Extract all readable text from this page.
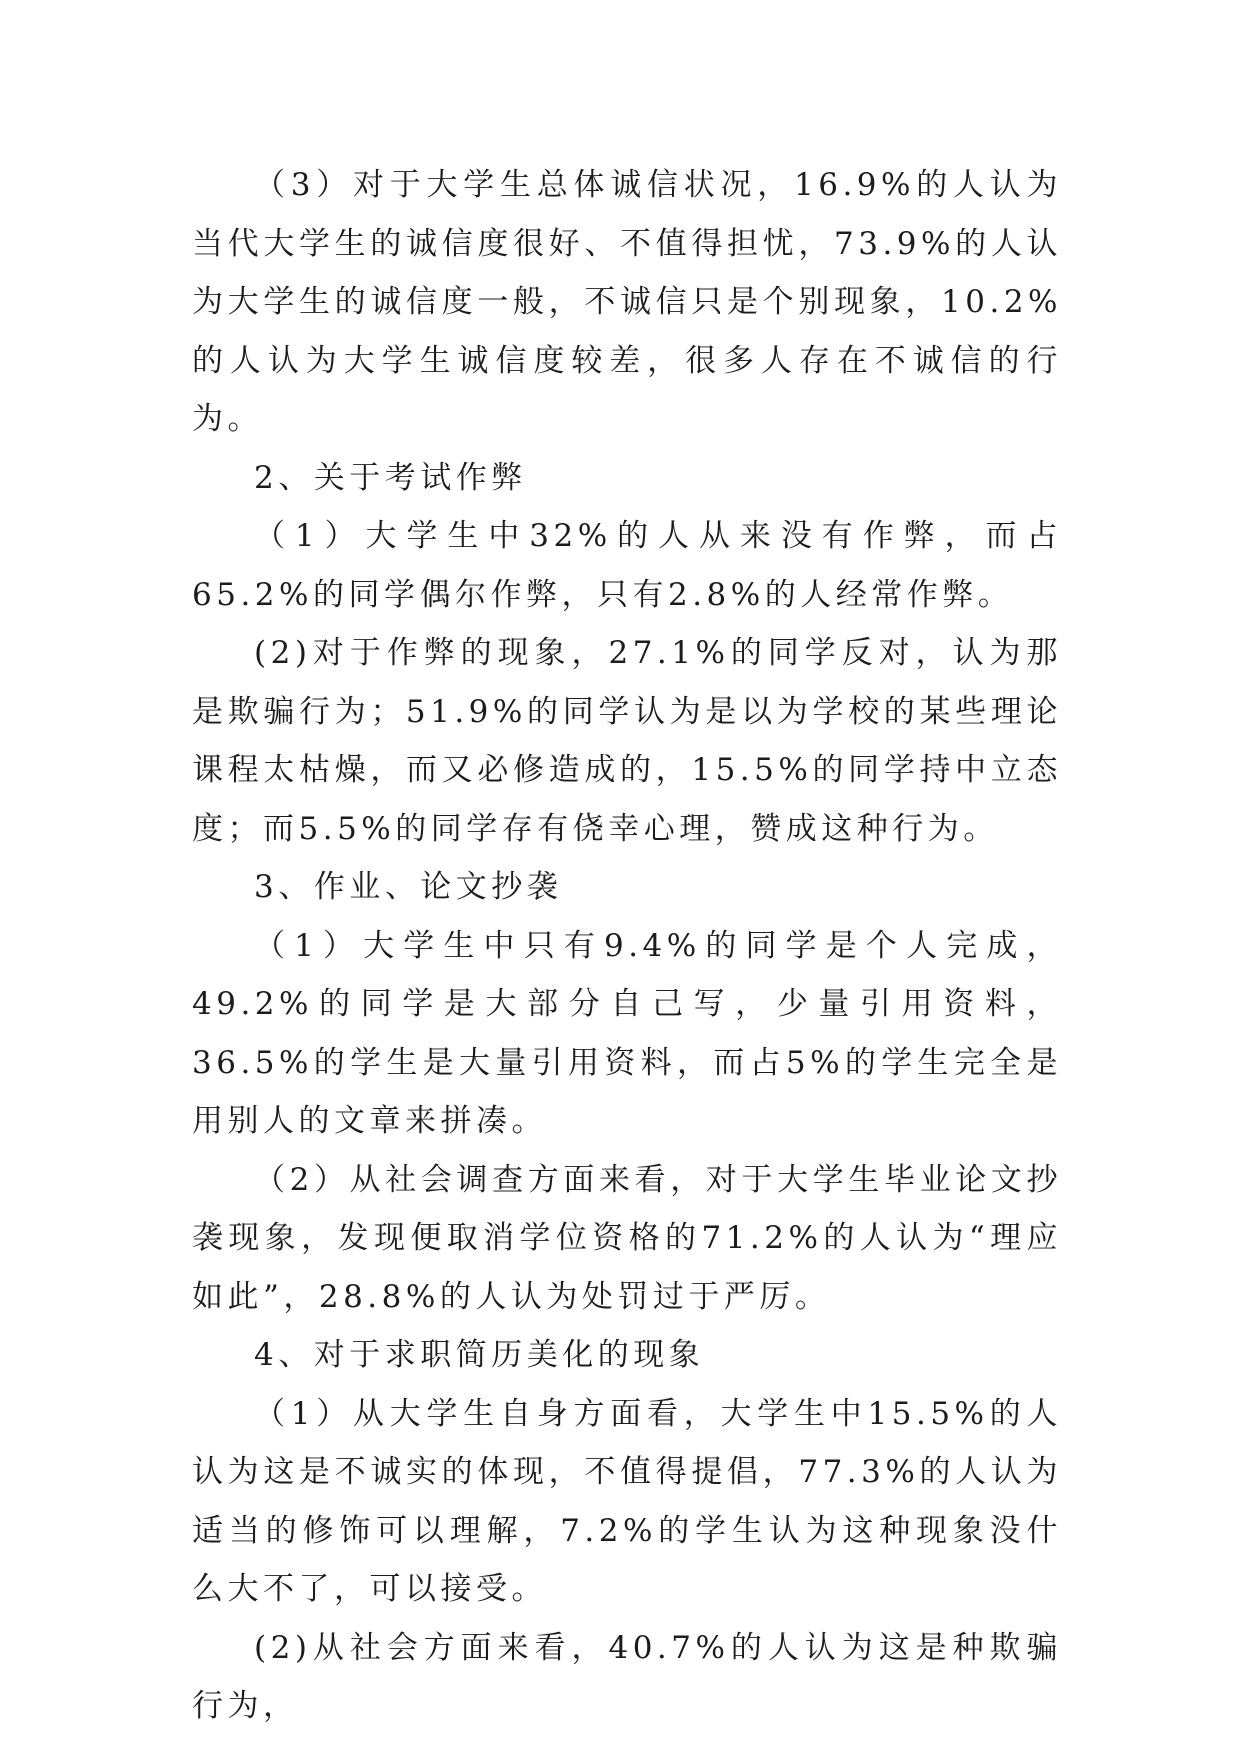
（3）对于大学生总体诚信状况，16.9%的人认为当代大学生的诚信度很好、不值得担忧，73.9%的人认为大学生的诚信度一般，不诚信只是个别现象，10.2%的人认为大学生诚信度较差，很多人存在不诚信的行为。

2、关于考试作弊

（1）大学生中32%的人从来没有作弊，而占65.2%的同学偶尔作弊，只有2.8%的人经常作弊。

(2)对于作弊的现象，27.1%的同学反对，认为那是欺骗行为；51.9%的同学认为是以为学校的某些理论课程太枯燥，而又必修造成的，15.5%的同学持中立态度；而5.5%的同学存有侥幸心理，赞成这种行为。

3、作业、论文抄袭

（1）大学生中只有9.4%的同学是个人完成，49.2%的同学是大部分自己写，少量引用资料，36.5%的学生是大量引用资料，而占5%的学生完全是用别人的文章来拼凑。

（2）从社会调查方面来看，对于大学生毕业论文抄袭现象，发现便取消学位资格的71.2%的人认为“理应如此”，28.8%的人认为处罚过于严厉。

4、对于求职简历美化的现象

（1）从大学生自身方面看，大学生中15.5%的人认为这是不诚实的体现，不值得提倡，77.3%的人认为适当的修饰可以理解，7.2%的学生认为这种现象没什么大不了，可以接受。

(2)从社会方面来看，40.7%的人认为这是种欺骗行为，
